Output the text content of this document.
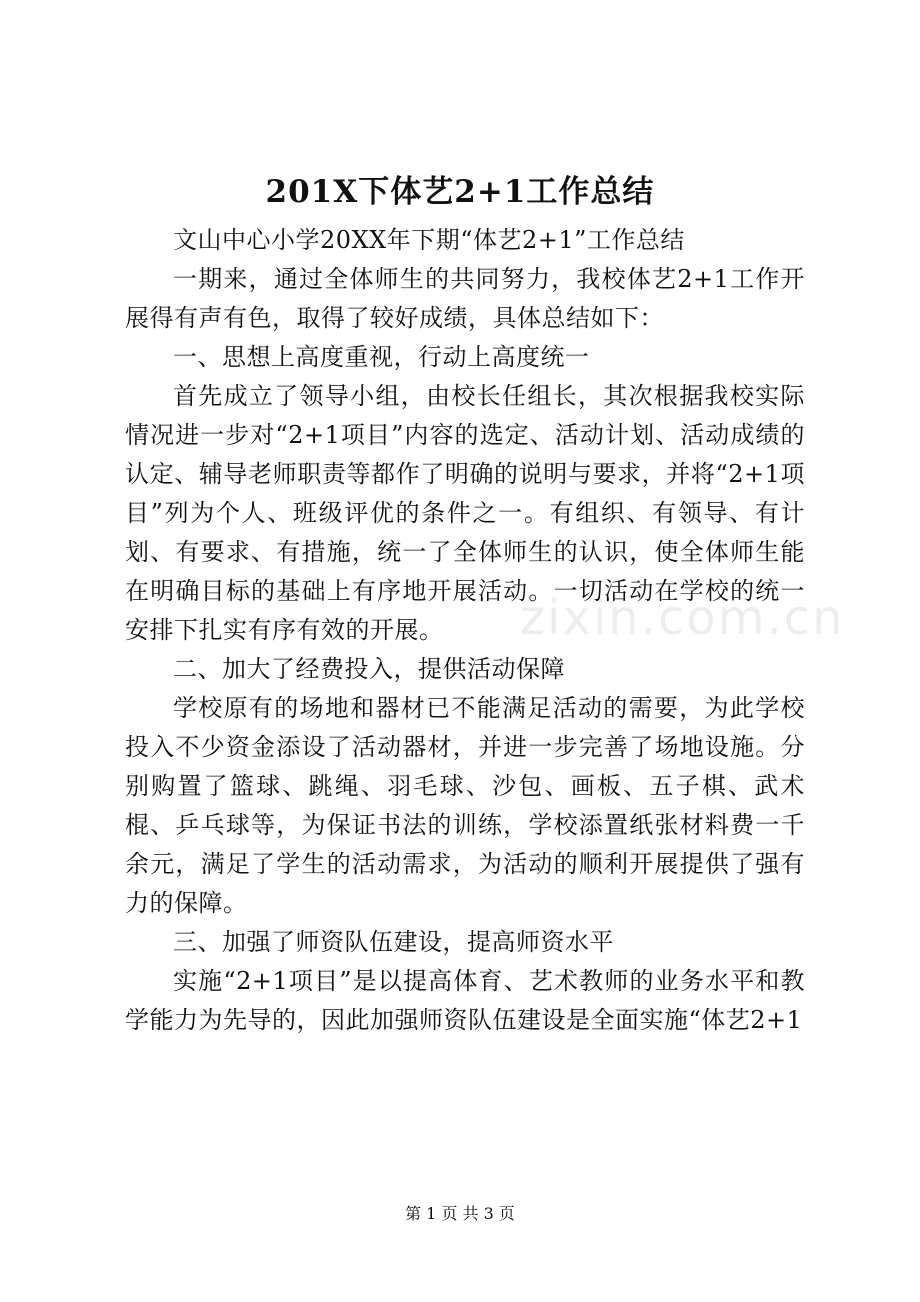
201X下体艺2+1工作总结

文山中心小学20XX年下期“体艺2+1”工作总结

一期来，通过全体师生的共同努力，我校体艺2+1工作开展得有声有色，取得了较好成绩，具体总结如下：

一、思想上高度重视，行动上高度统一

首先成立了领导小组，由校长任组长，其次根据我校实际情况进一步对“2+1项目”内容的选定、活动计划、活动成绩的认定、辅导老师职责等都作了明确的说明与要求，并将“2+1项目”列为个人、班级评优的条件之一。有组织、有领导、有计划、有要求、有措施，统一了全体师生的认识，使全体师生能在明确目标的基础上有序地开展活动。一切活动在学校的统一安排下扎实有序有效的开展。

二、加大了经费投入，提供活动保障

学校原有的场地和器材已不能满足活动的需要，为此学校投入不少资金添设了活动器材，并进一步完善了场地设施。分别购置了篮球、跳绳、羽毛球、沙包、画板、五子棋、武术棍、乒乓球等，为保证书法的训练，学校添置纸张材料费一千余元，满足了学生的活动需求，为活动的顺利开展提供了强有力的保障。

三、加强了师资队伍建设，提高师资水平

实施“2+1项目”是以提高体育、艺术教师的业务水平和教学能力为先导的，因此加强师资队伍建设是全面实施“体艺2+1

zixin.com.cn
第 1 页 共 3 页
